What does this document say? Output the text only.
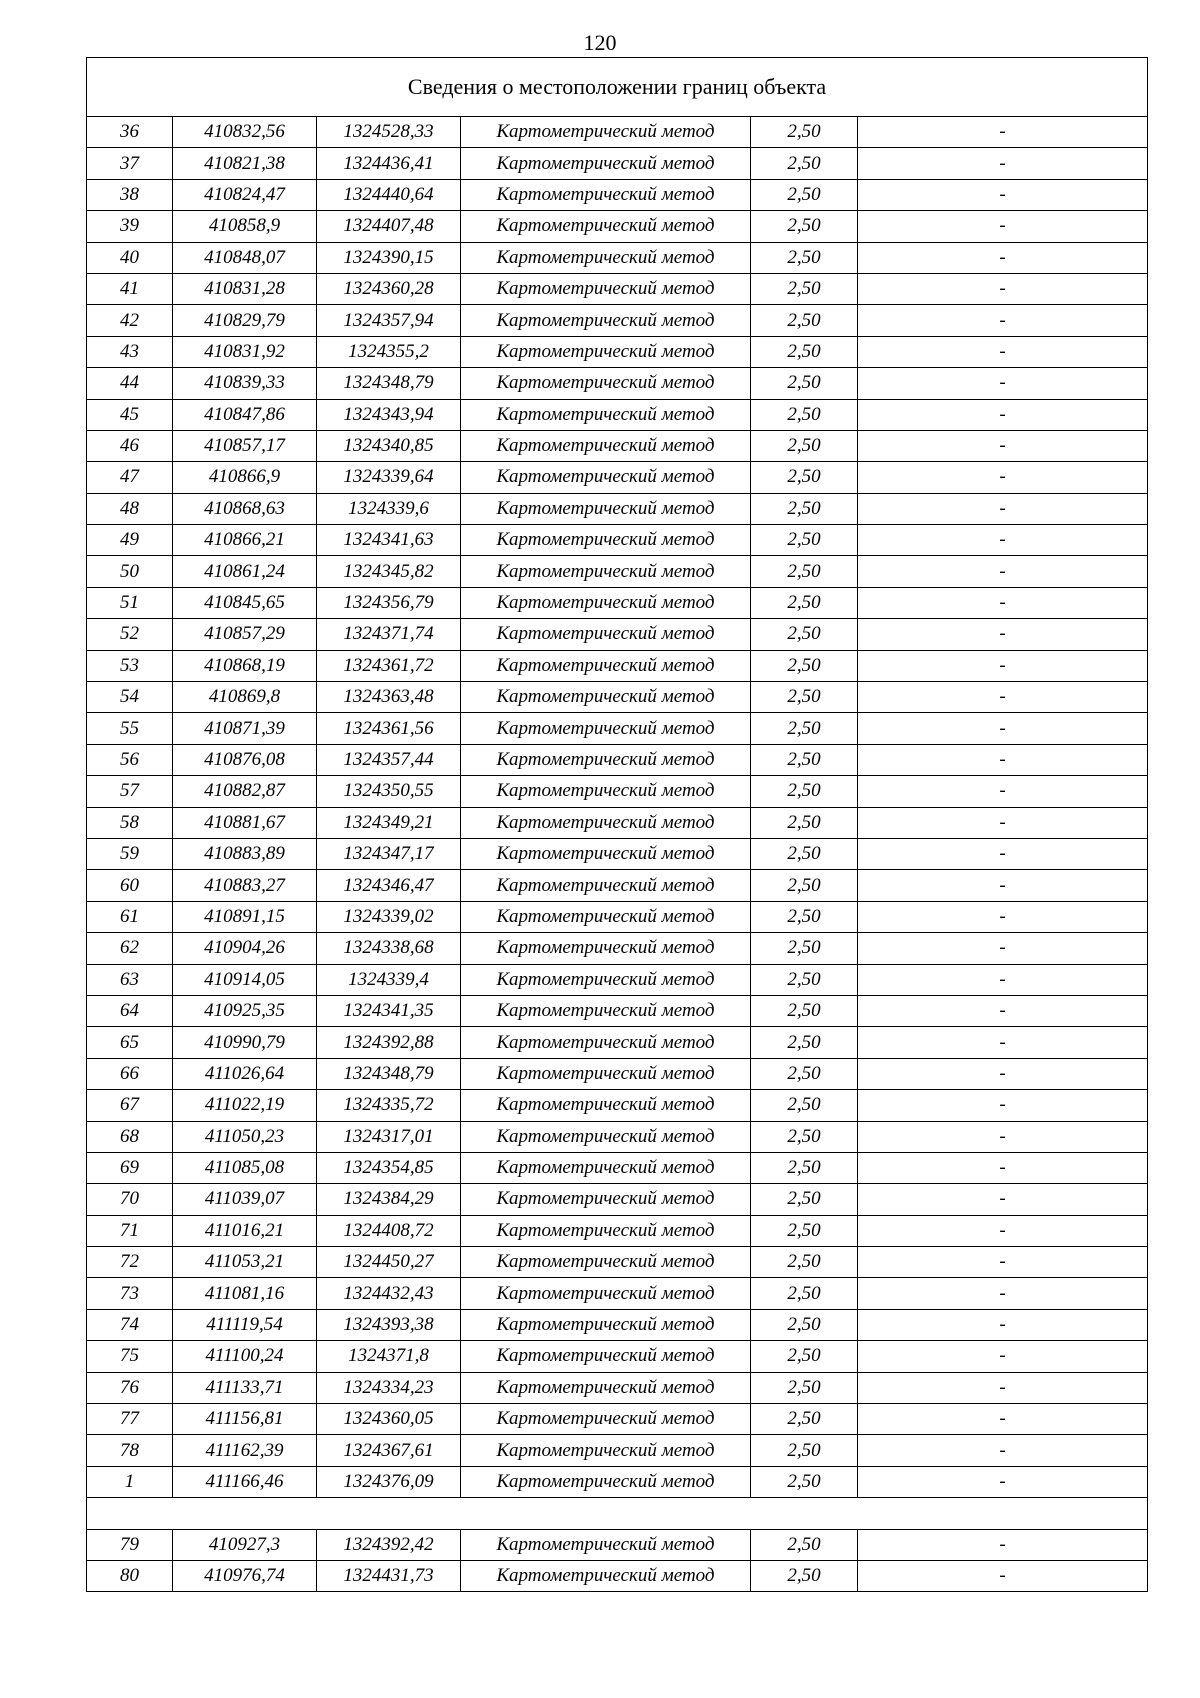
120
Сведения о местоположении границ объекта					
36	410832,56	1324528,33	Картометрический метод	2,50	-
37	410821,38	1324436,41	Картометрический метод	2,50	-
38	410824,47	1324440,64	Картометрический метод	2,50	-
39	410858,9	1324407,48	Картометрический метод	2,50	-
40	410848,07	1324390,15	Картометрический метод	2,50	-
41	410831,28	1324360,28	Картометрический метод	2,50	-
42	410829,79	1324357,94	Картометрический метод	2,50	-
43	410831,92	1324355,2	Картометрический метод	2,50	-
44	410839,33	1324348,79	Картометрический метод	2,50	-
45	410847,86	1324343,94	Картометрический метод	2,50	-
46	410857,17	1324340,85	Картометрический метод	2,50	-
47	410866,9	1324339,64	Картометрический метод	2,50	-
48	410868,63	1324339,6	Картометрический метод	2,50	-
49	410866,21	1324341,63	Картометрический метод	2,50	-
50	410861,24	1324345,82	Картометрический метод	2,50	-
51	410845,65	1324356,79	Картометрический метод	2,50	-
52	410857,29	1324371,74	Картометрический метод	2,50	-
53	410868,19	1324361,72	Картометрический метод	2,50	-
54	410869,8	1324363,48	Картометрический метод	2,50	-
55	410871,39	1324361,56	Картометрический метод	2,50	-
56	410876,08	1324357,44	Картометрический метод	2,50	-
57	410882,87	1324350,55	Картометрический метод	2,50	-
58	410881,67	1324349,21	Картометрический метод	2,50	-
59	410883,89	1324347,17	Картометрический метод	2,50	-
60	410883,27	1324346,47	Картометрический метод	2,50	-
61	410891,15	1324339,02	Картометрический метод	2,50	-
62	410904,26	1324338,68	Картометрический метод	2,50	-
63	410914,05	1324339,4	Картометрический метод	2,50	-
64	410925,35	1324341,35	Картометрический метод	2,50	-
65	410990,79	1324392,88	Картометрический метод	2,50	-
66	411026,64	1324348,79	Картометрический метод	2,50	-
67	411022,19	1324335,72	Картометрический метод	2,50	-
68	411050,23	1324317,01	Картометрический метод	2,50	-
69	411085,08	1324354,85	Картометрический метод	2,50	-
70	411039,07	1324384,29	Картометрический метод	2,50	-
71	411016,21	1324408,72	Картометрический метод	2,50	-
72	411053,21	1324450,27	Картометрический метод	2,50	-
73	411081,16	1324432,43	Картометрический метод	2,50	-
74	411119,54	1324393,38	Картометрический метод	2,50	-
75	411100,24	1324371,8	Картометрический метод	2,50	-
76	411133,71	1324334,23	Картометрический метод	2,50	-
77	411156,81	1324360,05	Картометрический метод	2,50	-
78	411162,39	1324367,61	Картометрический метод	2,50	-
1	411166,46	1324376,09	Картометрический метод	2,50	-

79	410927,3	1324392,42	Картометрический метод	2,50	-
80	410976,74	1324431,73	Картометрический метод	2,50	-
